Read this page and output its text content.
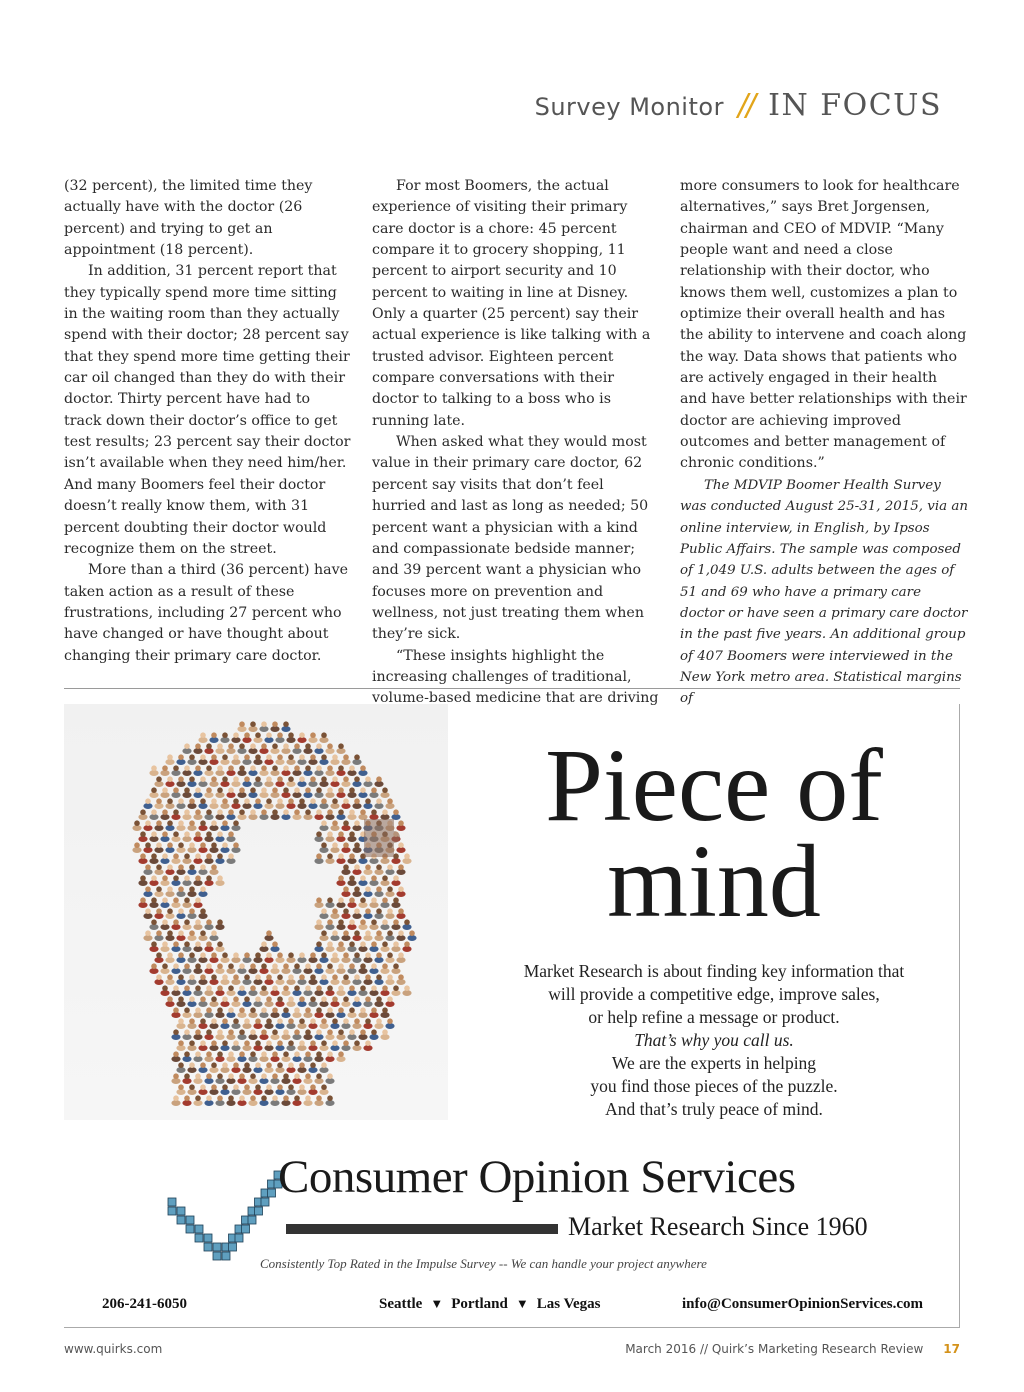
Survey Monitor // IN FOCUS

(32 percent), the limited time they actually have with the doctor (26 percent) and trying to get an appointment (18 percent).

In addition, 31 percent report that they typically spend more time sitting in the waiting room than they actually spend with their doctor; 28 percent say that they spend more time getting their car oil changed than they do with their doctor. Thirty percent have had to track down their doctor’s office to get test results; 23 percent say their doctor isn’t available when they need him/her. And many Boomers feel their doctor doesn’t really know them, with 31 percent doubting their doctor would recognize them on the street.

More than a third (36 percent) have taken action as a result of these frustrations, including 27 percent who have changed or have thought about changing their primary care doctor.

For most Boomers, the actual experience of visiting their primary care doctor is a chore: 45 percent compare it to grocery shopping, 11 percent to airport security and 10 percent to waiting in line at Disney. Only a quarter (25 percent) say their actual experience is like talking with a trusted advisor. Eighteen percent compare conversations with their doctor to talking to a boss who is running late.

When asked what they would most value in their primary care doctor, 62 percent say visits that don’t feel hurried and last as long as needed; 50 percent want a physician with a kind and compassionate bedside manner; and 39 percent want a physician who focuses more on prevention and wellness, not just treating them when they’re sick.

“These insights highlight the increasing challenges of traditional, volume-based medicine that are driving

more consumers to look for healthcare alternatives,” says Bret Jorgensen, chairman and CEO of MDVIP. “Many people want and need a close relationship with their doctor, who knows them well, customizes a plan to optimize their overall health and has the ability to intervene and coach along the way. Data shows that patients who are actively engaged in their health and have better relationships with their doctor are achieving improved outcomes and better management of chronic conditions.”

The MDVIP Boomer Health Survey was conducted August 25-31, 2015, via an online interview, in English, by Ipsos Public Affairs. The sample was composed of 1,049 U.S. adults between the ages of 51 and 69 who have a primary care doctor or have seen a primary care doctor in the past five years. An additional group of 407 Boomers were interviewed in the New York metro area. Statistical margins of

Piece of
mind
Market Research is about finding key information that
will provide a competitive edge, improve sales,
or help refine a message or product.
That’s why you call us.
We are the experts in helping
you find those pieces of the puzzle.
And that’s truly peace of mind.
Consumer Opinion Services
Market Research Since 1960
Consistently Top Rated in the Impulse Survey -- We can handle your project anywhere
206-241-6050	Seattle ▼ Portland ▼ Las Vegas	info@ConsumerOpinionServices.com
www.quirks.com	March 2016 // Quirk’s Marketing Research Review 17
